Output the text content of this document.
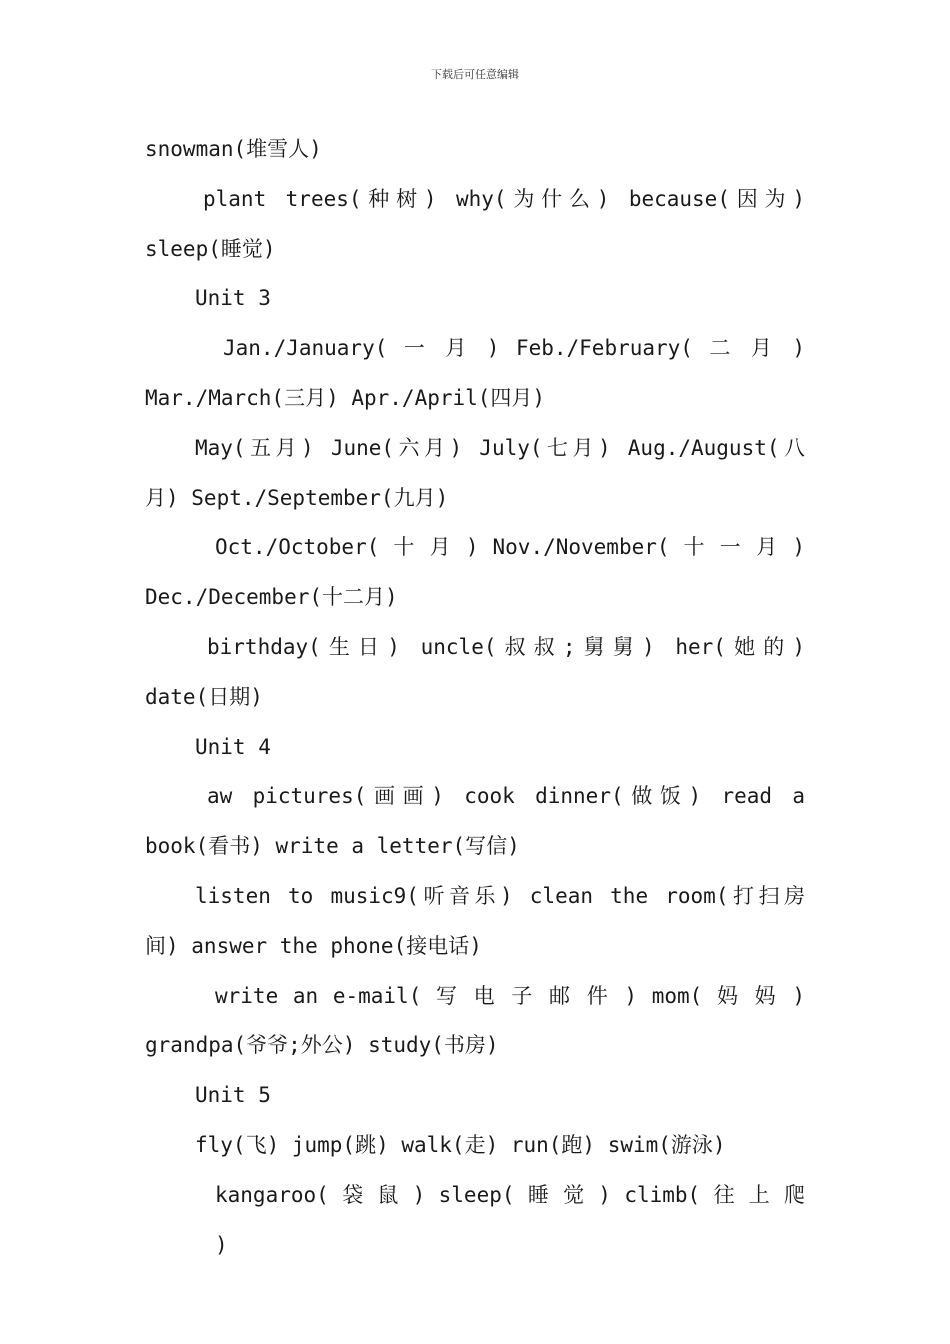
下载后可任意编辑
snowman(堆雪人)
plant trees(种树) why(为什么) because(因为)
sleep(睡觉)
Unit 3
Jan./January( 一 月 ) Feb./February( 二 月 )
Mar./March(三月) Apr./April(四月)
May(五月) June(六月) July(七月) Aug./August(八
月) Sept./September(九月)
Oct./October( 十 月 ) Nov./November( 十 一 月 )
Dec./December(十二月)
birthday(生日) uncle(叔叔;舅舅) her(她的)
date(日期)
Unit 4
aw pictures(画画) cook dinner(做饭) read a
book(看书) write a letter(写信)
listen to music9(听音乐) clean the room(打扫房
间) answer the phone(接电话)
write an e-mail( 写 电 子 邮 件 ) mom( 妈 妈 )
grandpa(爷爷;外公) study(书房)
Unit 5
fly(飞) jump(跳) walk(走) run(跑) swim(游泳)
kangaroo( 袋 鼠 ) sleep( 睡 觉 ) climb( 往 上 爬 )
